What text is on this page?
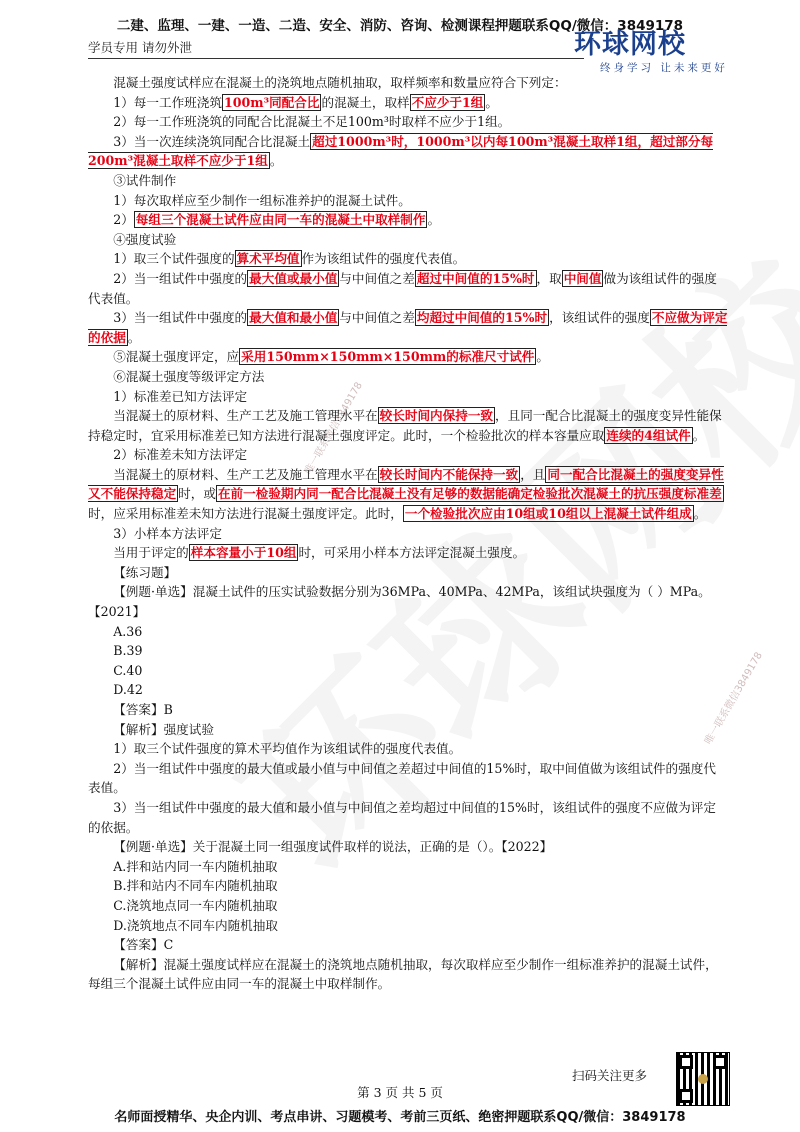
二建、监理、一建、一造、二造、安全、消防、咨询、检测课程押题联系QQ/微信：3849178
学员专用 请勿外泄	环球网校
终身学习 让未来更好
唯一联系微信3849178
唯一联系微信3849178

混凝土强度试样应在混凝土的浇筑地点随机抽取，取样频率和数量应符合下列定：

1）每一工作班浇筑 100m³同配合比 的混凝土，取样 不应少于1组 。

2）每一工作班浇筑的同配合比混凝土不足100m³时取样不应少于1组。

3）当一次连续浇筑同配合比混凝土 超过1000m³时，1000m³以内每100m³混凝土取样1组，超过部分每200m³混凝土取样不应少于1组 。

③试件制作

1）每次取样应至少制作一组标准养护的混凝土试件。

2） 每组三个混凝土试件应由同一车的混凝土中取样制作 。

④强度试验

1）取三个试件强度的 算术平均值 作为该组试件的强度代表值。

2）当一组试件中强度的 最大值或最小值 与中间值之差 超过中间值的15%时 ，取 中间值 做为该组试件的强度代表值。

3）当一组试件中强度的 最大值和最小值 与中间值之差 均超过中间值的15%时 ，该组试件的强度 不应做为评定的依据 。

⑤混凝土强度评定，应 采用150mm×150mm×150mm的标准尺寸试件 。

⑥混凝土强度等级评定方法

1）标准差已知方法评定

当混凝土的原材料、生产工艺及施工管理水平在 较长时间内保持一致 ，且同一配合比混凝土的强度变异性能保持稳定时，宜采用标准差已知方法进行混凝土强度评定。此时，一个检验批次的样本容量应取 连续的4组试件 。

2）标准差未知方法评定

当混凝土的原材料、生产工艺及施工管理水平在 较长时间内不能保持一致 ，且 同一配合比混凝土的强度变异性又不能保持稳定 时，或 在前一检验期内同一配合比混凝土没有足够的数据能确定检验批次混凝土的抗压强度标准差时，应采用标准差未知方法进行混凝土强度评定。此时， 一个检验批次应由10组或10组以上混凝土试件组成 。

3）小样本方法评定

当用于评定的 样本容量小于10组 时，可采用小样本方法评定混凝土强度。

【练习题】

【例题·单选】混凝土试件的压实试验数据分别为36MPa、40MPa、42MPa，该组试块强度为（ ）MPa。【2021】

A.36

B.39

C.40

D.42

【答案】B

【解析】强度试验

1）取三个试件强度的算术平均值作为该组试件的强度代表值。

2）当一组试件中强度的最大值或最小值与中间值之差超过中间值的15%时，取中间值做为该组试件的强度代表值。

3）当一组试件中强度的最大值和最小值与中间值之差均超过中间值的15%时，该组试件的强度不应做为评定的依据。

【例题·单选】关于混凝土同一组强度试件取样的说法，正确的是（）。【2022】

A.拌和站内同一车内随机抽取

B.拌和站内不同车内随机抽取

C.浇筑地点同一车内随机抽取

D.浇筑地点不同车内随机抽取

【答案】C

【解析】混凝土强度试样应在混凝土的浇筑地点随机抽取，每次取样应至少制作一组标准养护的混凝土试件，每组三个混凝土试件应由同一车的混凝土中取样制作。

扫码关注更多
第 3 页 共 5 页
名师面授精华、央企内训、考点串讲、习题模考、考前三页纸、绝密押题联系QQ/微信：3849178
